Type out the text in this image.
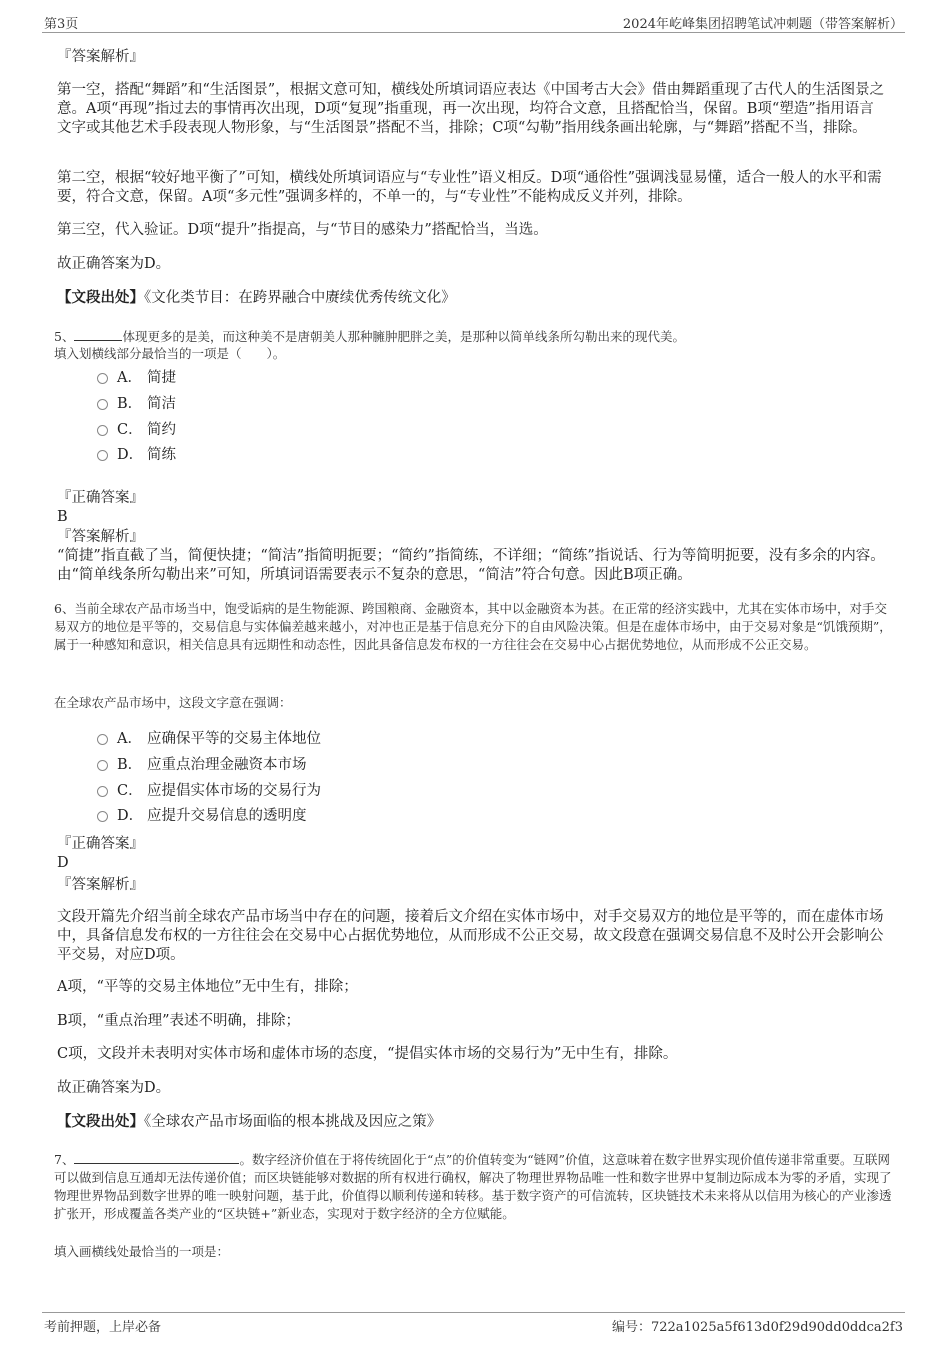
第3页	2024年屹峰集团招聘笔试冲刺题（带答案解析）
『答案解析』
第一空，搭配“舞蹈”和“生活图景”，根据文意可知，横线处所填词语应表达《中国考古大会》借由舞蹈重现了古代人的生活图景之意。A项“再现”指过去的事情再次出现，D项“复现”指重现，再一次出现，均符合文意，且搭配恰当，保留。B项“塑造”指用语言文字或其他艺术手段表现人物形象，与“生活图景”搭配不当，排除；C项“勾勒”指用线条画出轮廓，与“舞蹈”搭配不当，排除。
第二空，根据“较好地平衡了”可知，横线处所填词语应与“专业性”语义相反。D项“通俗性”强调浅显易懂，适合一般人的水平和需要，符合文意，保留。A项“多元性”强调多样的，不单一的，与“专业性”不能构成反义并列，排除。
第三空，代入验证。D项“提升”指提高，与“节目的感染力”搭配恰当，当选。
故正确答案为D。
【文段出处】《文化类节目：在跨界融合中赓续优秀传统文化》
5、	体现更多的是美，而这种美不是唐朝美人那种臃肿肥胖之美，是那种以简单线条所勾勒出来的现代美。
填入划横线部分最恰当的一项是（　　）。
A． 简捷
B． 简洁
C． 简约
D． 简练
『正确答案』
B
『答案解析』
“简捷”指直截了当，简便快捷；“简洁”指简明扼要；“简约”指简练，不详细；“简练”指说话、行为等简明扼要，没有多余的内容。由“简单线条所勾勒出来”可知，所填词语需要表示不复杂的意思，“简洁”符合句意。因此B项正确。
6、当前全球农产品市场当中，饱受诟病的是生物能源、跨国粮商、金融资本，其中以金融资本为甚。在正常的经济实践中，尤其在实体市场中，对手交易双方的地位是平等的，交易信息与实体偏差越来越小，对冲也正是基于信息充分下的自由风险决策。但是在虚体市场中，由于交易对象是“饥饿预期”，属于一种感知和意识，相关信息具有远期性和动态性，因此具备信息发布权的一方往往会在交易中心占据优势地位，从而形成不公正交易。
在全球农产品市场中，这段文字意在强调：
A． 应确保平等的交易主体地位
B． 应重点治理金融资本市场
C． 应提倡实体市场的交易行为
D． 应提升交易信息的透明度
『正确答案』
D
『答案解析』
文段开篇先介绍当前全球农产品市场当中存在的问题，接着后文介绍在实体市场中，对手交易双方的地位是平等的，而在虚体市场中，具备信息发布权的一方往往会在交易中心占据优势地位，从而形成不公正交易，故文段意在强调交易信息不及时公开会影响公平交易，对应D项。
A项，“平等的交易主体地位”无中生有，排除；
B项，“重点治理”表述不明确，排除；
C项，文段并未表明对实体市场和虚体市场的态度，“提倡实体市场的交易行为”无中生有，排除。
故正确答案为D。
【文段出处】《全球农产品市场面临的根本挑战及因应之策》
7、	。数字经济价值在于将传统固化于“点”的价值转变为“链网”价值，这意味着在数字世界实现价值传递非常重要。互联网可以做到信息互通却无法传递价值；而区块链能够对数据的所有权进行确权，解决了物理世界物品唯一性和数字世界中复制边际成本为零的矛盾，实现了物理世界物品到数字世界的唯一映射问题，基于此，价值得以顺利传递和转移。基于数字资产的可信流转，区块链技术未来将从以信用为核心的产业渗透扩张开，形成覆盖各类产业的“区块链+”新业态，实现对于数字经济的全方位赋能。
填入画横线处最恰当的一项是：
考前押题，上岸必备	编号：722a1025a5f613d0f29d90dd0ddca2f3
